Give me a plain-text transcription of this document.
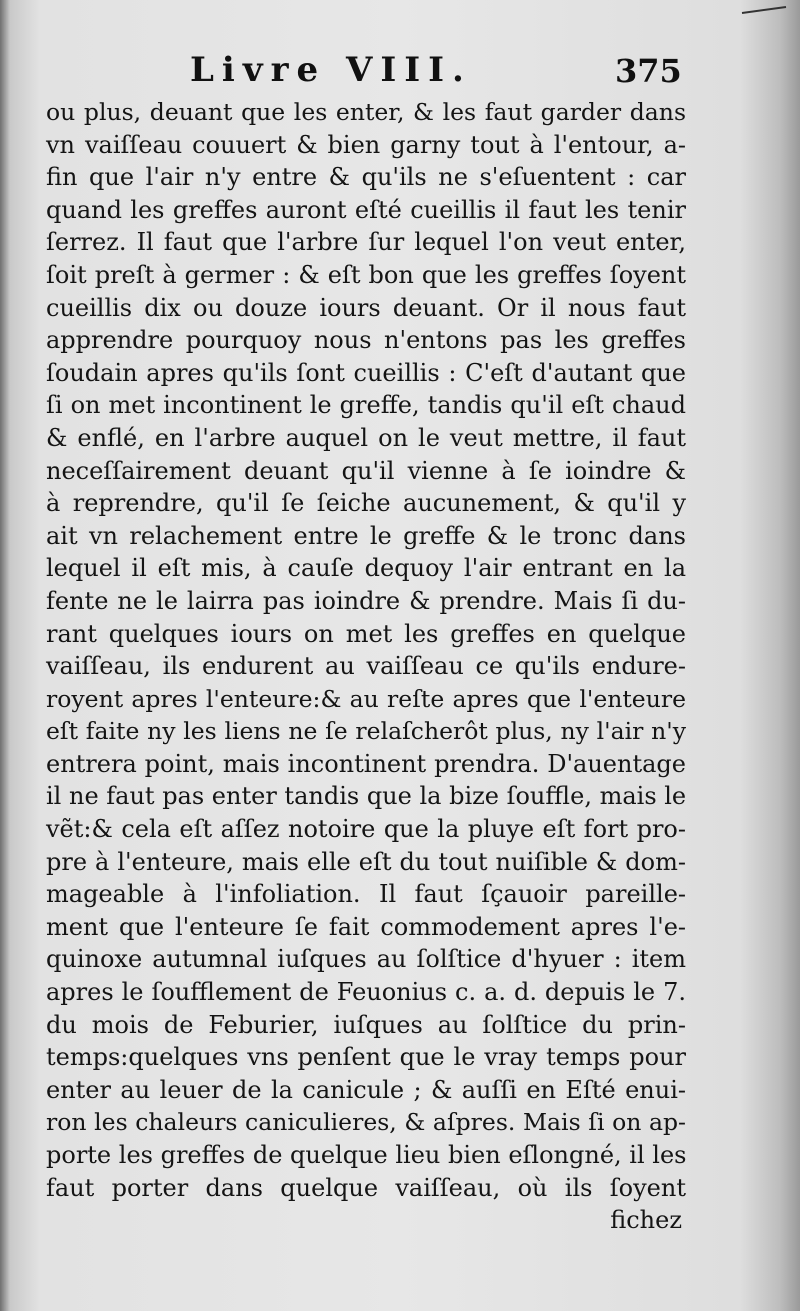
Livre VIII.	375
ou plus, deuant que les enter, & les faut garder dans
vn vaiſſeau couuert & bien garny tout à l'entour, a-
fin que l'air n'y entre & qu'ils ne s'eſuentent : car
quand les greffes auront eſté cueillis il faut les tenir
ſerrez. Il faut que l'arbre ſur lequel l'on veut enter,
ſoit preſt à germer : & eſt bon que les greffes ſoyent
cueillis dix ou douze iours deuant. Or il nous faut
apprendre pourquoy nous n'entons pas les greffes
ſoudain apres qu'ils ſont cueillis : C'eſt d'autant que
ſi on met incontinent le greffe, tandis qu'il eſt chaud
& enflé, en l'arbre auquel on le veut mettre, il faut
neceſſairement deuant qu'il vienne à ſe ioindre &
à reprendre, qu'il ſe ſeiche aucunement, & qu'il y
ait vn relachement entre le greffe & le tronc dans
lequel il eſt mis, à cauſe dequoy l'air entrant en la
fente ne le lairra pas ioindre & prendre. Mais ſi du-
rant quelques iours on met les greffes en quelque
vaiſſeau, ils endurent au vaiſſeau ce qu'ils endure-
royent apres l'enteure:& au reſte apres que l'enteure
eſt faite ny les liens ne ſe relaſcherôt plus, ny l'air n'y
entrera point, mais incontinent prendra. D'auentage
il ne faut pas enter tandis que la bize ſouffle, mais le
vẽt:& cela eſt aſſez notoire que la pluye eſt fort pro-
pre à l'enteure, mais elle eſt du tout nuiſible & dom-
mageable à l'infoliation. Il faut ſçauoir pareille-
ment que l'enteure ſe fait commodement apres l'e-
quinoxe autumnal iuſques au ſolſtice d'hyuer : item
apres le ſoufflement de Feuonius c. a. d. depuis le 7.
du mois de Feburier, iuſques au ſolſtice du prin-
temps:quelques vns penſent que le vray temps pour
enter au leuer de la canicule ; & auſſi en Eſté enui-
ron les chaleurs caniculieres, & aſpres. Mais ſi on ap-
porte les greffes de quelque lieu bien eſlongné, il les
faut porter dans quelque vaiſſeau, où ils ſoyent
fichez
